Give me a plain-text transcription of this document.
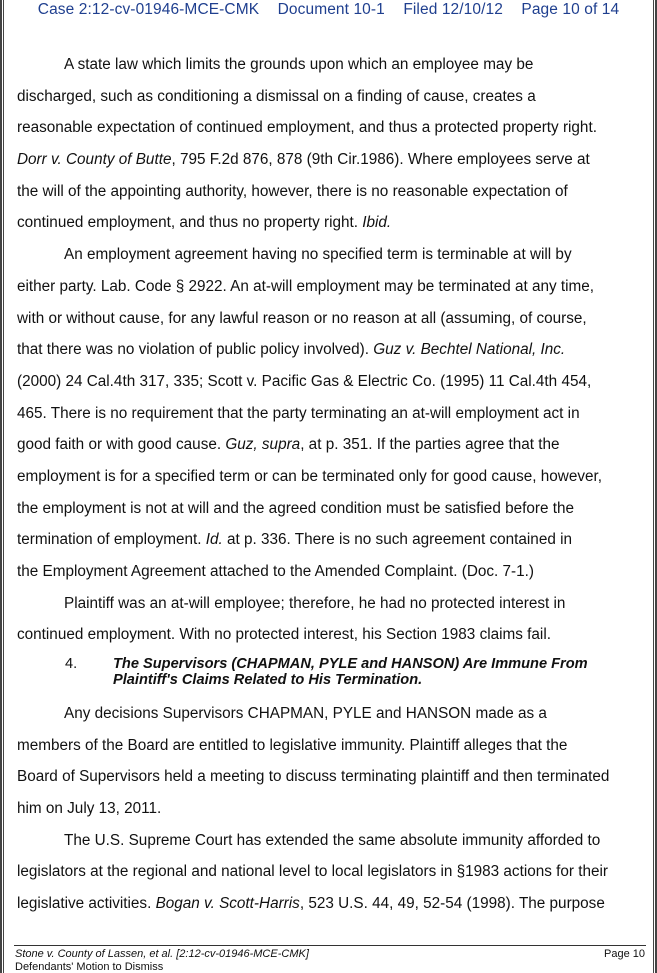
Case 2:12-cv-01946-MCE-CMK Document 10-1 Filed 12/10/12 Page 10 of 14
A state law which limits the grounds upon which an employee may be
discharged, such as conditioning a dismissal on a finding of cause, creates a
reasonable expectation of continued employment, and thus a protected property right.
Dorr v. County of Butte, 795 F.2d 876, 878 (9th Cir.1986). Where employees serve at
the will of the appointing authority, however, there is no reasonable expectation of
continued employment, and thus no property right. Ibid.
An employment agreement having no specified term is terminable at will by
either party. Lab. Code § 2922. An at-will employment may be terminated at any time,
with or without cause, for any lawful reason or no reason at all (assuming, of course,
that there was no violation of public policy involved). Guz v. Bechtel National, Inc.
(2000) 24 Cal.4th 317, 335; Scott v. Pacific Gas & Electric Co. (1995) 11 Cal.4th 454,
465. There is no requirement that the party terminating an at-will employment act in
good faith or with good cause. Guz, supra, at p. 351. If the parties agree that the
employment is for a specified term or can be terminated only for good cause, however,
the employment is not at will and the agreed condition must be satisfied before the
termination of employment. Id. at p. 336. There is no such agreement contained in
the Employment Agreement attached to the Amended Complaint. (Doc. 7-1.)
Plaintiff was an at-will employee; therefore, he had no protected interest in
continued employment. With no protected interest, his Section 1983 claims fail.
4. The Supervisors (CHAPMAN, PYLE and HANSON) Are Immune From
Plaintiff's Claims Related to His Termination.
Any decisions Supervisors CHAPMAN, PYLE and HANSON made as a
members of the Board are entitled to legislative immunity. Plaintiff alleges that the
Board of Supervisors held a meeting to discuss terminating plaintiff and then terminated
him on July 13, 2011.
The U.S. Supreme Court has extended the same absolute immunity afforded to
legislators at the regional and national level to local legislators in §1983 actions for their
legislative activities. Bogan v. Scott-Harris, 523 U.S. 44, 49, 52-54 (1998). The purpose
Stone v. County of Lassen, et al. [2:12-cv-01946-MCE-CMK]
Defendants' Motion to Dismiss
Page 10
